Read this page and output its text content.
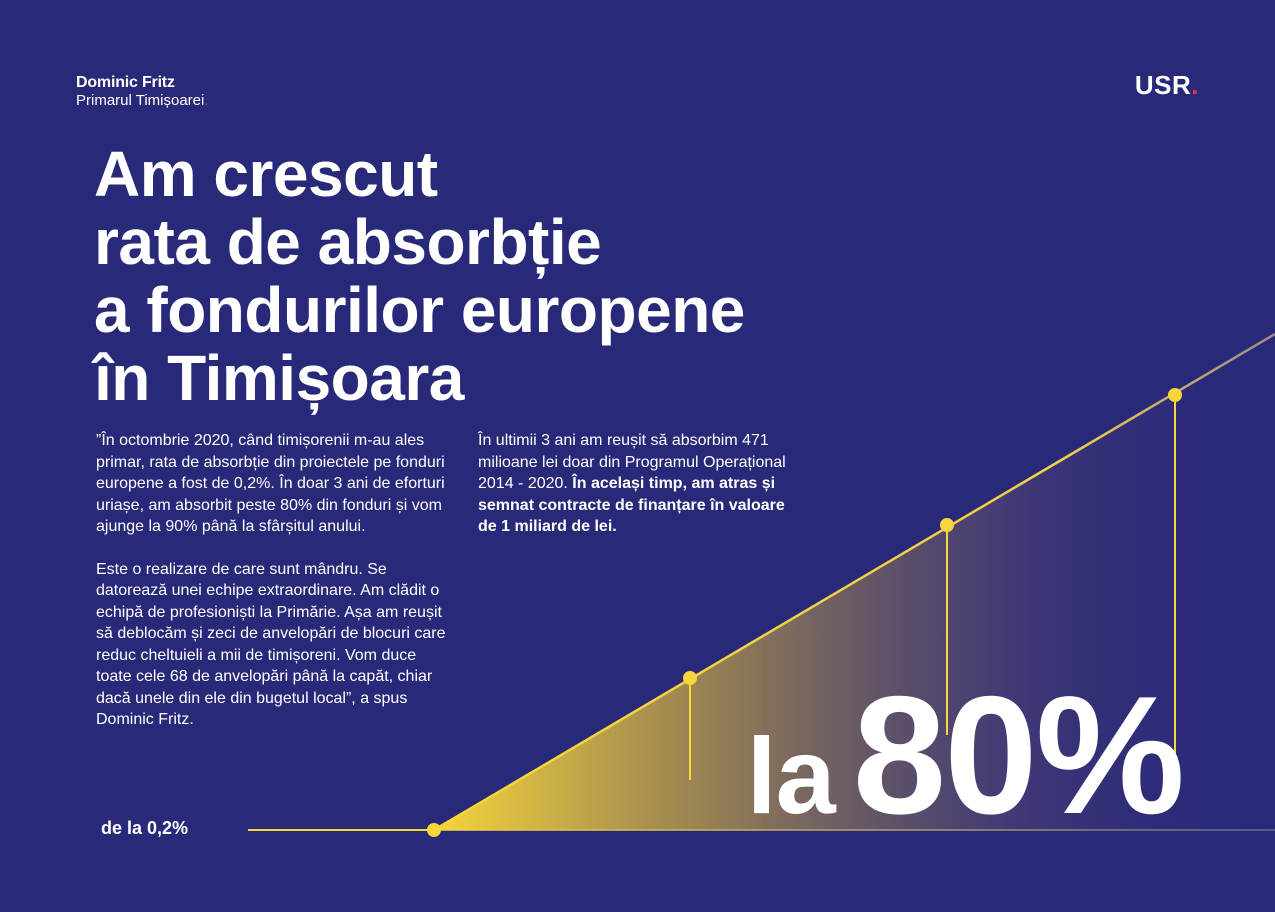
Dominic Fritz
Primarul Timișoarei.
USR.
Am crescut
rata de absorbție
a fondurilor europene
în Timișoara

”În octombrie 2020, când timișorenii m-au ales primar, rata de absorbție din proiectele pe fonduri europene a fost de 0,2%. În doar 3 ani de eforturi uriașe, am absorbit peste 80% din fonduri și vom ajunge la 90% până la sfârșitul anului.

Este o realizare de care sunt mândru. Se datorează unei echipe extraordinare. Am clădit o echipă de profesioniști la Primărie. Așa am reușit să deblocăm și zeci de anvelopări de blocuri care reduc cheltuieli a mii de timișoreni. Vom duce toate cele 68 de anvelopări până la capăt, chiar dacă unele din ele din bugetul local”, a spus Dominic Fritz.

În ultimii 3 ani am reușit să absorbim 471 milioane lei doar din Programul Operațional 2014 - 2020. În același timp, am atras și semnat contracte de finanțare în valoare de 1 miliard de lei.

de la 0,2%	la 80%
